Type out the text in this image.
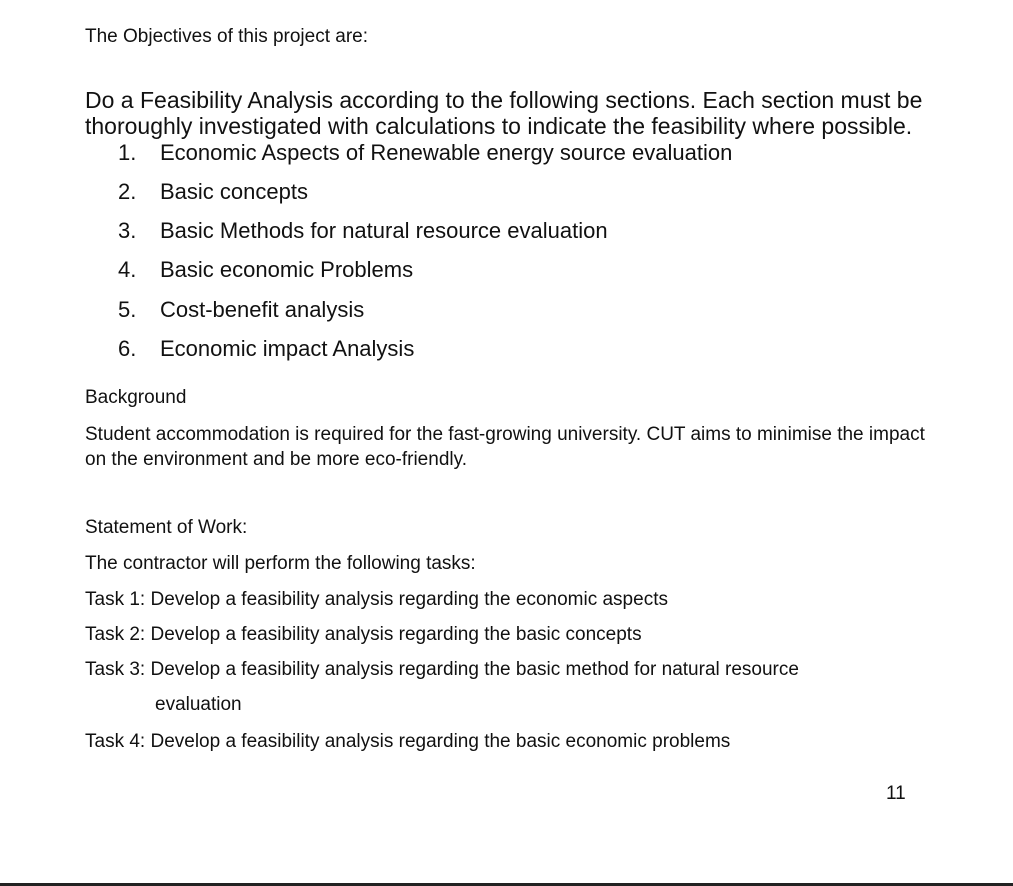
The Objectives of this project are:
Do a Feasibility Analysis according to the following sections. Each section must be thoroughly investigated with calculations to indicate the feasibility where possible.
1. Economic Aspects of Renewable energy source evaluation
2. Basic concepts
3. Basic Methods for natural resource evaluation
4. Basic economic Problems
5. Cost-benefit analysis
6. Economic impact Analysis
Background
Student accommodation is required for the fast-growing university. CUT aims to minimise the impact on the environment and be more eco-friendly.
Statement of Work:
The contractor will perform the following tasks:
Task 1: Develop a feasibility analysis regarding the economic aspects
Task 2: Develop a feasibility analysis regarding the basic concepts
Task 3: Develop a feasibility analysis regarding the basic method for natural resource
evaluation
Task 4: Develop a feasibility analysis regarding the basic economic problems
11
